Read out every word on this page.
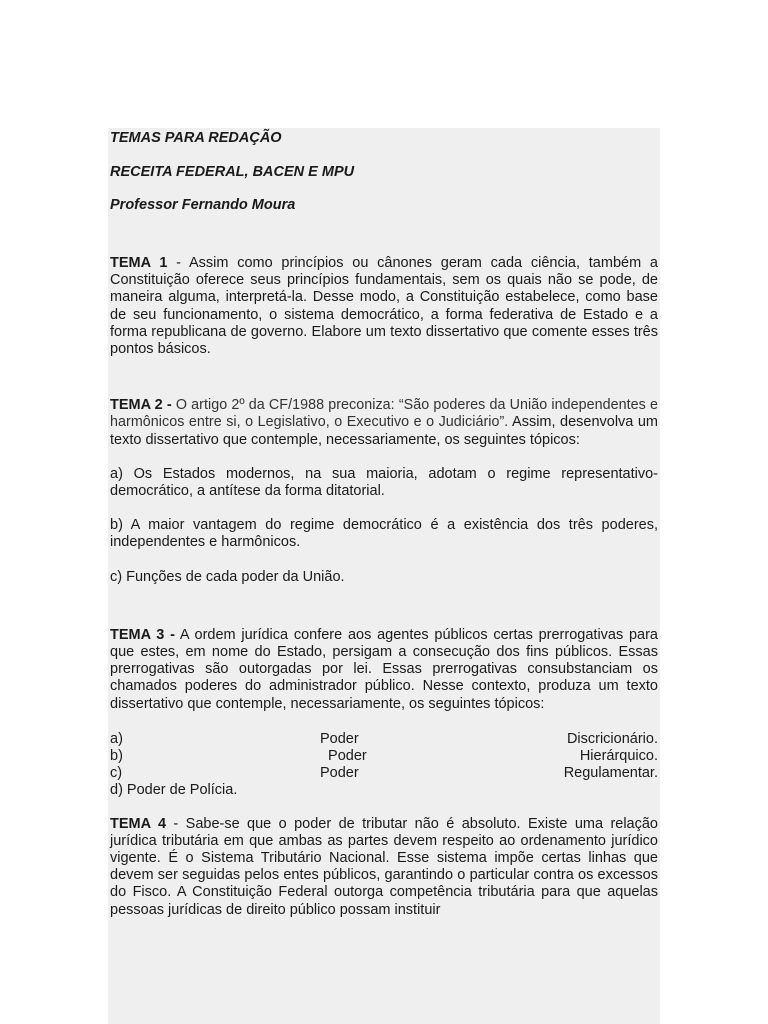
TEMAS PARA REDAÇÃO

RECEITA FEDERAL, BACEN E MPU

Professor Fernando Moura

TEMA 1 - Assim como princípios ou cânones geram cada ciência, também a Constituição oferece seus princípios fundamentais, sem os quais não se pode, de maneira alguma, interpretá-la. Desse modo, a Constituição estabelece, como base de seu funcionamento, o sistema democrático, a forma federativa de Estado e a forma republicana de governo. Elabore um texto dissertativo que comente esses três pontos básicos.

TEMA 2 - O artigo 2º da CF/1988 preconiza: “São poderes da União independentes e harmônicos entre si, o Legislativo, o Executivo e o Judiciário”. Assim, desenvolva um texto dissertativo que contemple, necessariamente, os seguintes tópicos:

a) Os Estados modernos, na sua maioria, adotam o regime representativo-democrático, a antítese da forma ditatorial.

b) A maior vantagem do regime democrático é a existência dos três poderes, independentes e harmônicos.

c) Funções de cada poder da União.

TEMA 3 - A ordem jurídica confere aos agentes públicos certas prerrogativas para que estes, em nome do Estado, persigam a consecução dos fins públicos. Essas prerrogativas são outorgadas por lei. Essas prerrogativas consubstanciam os chamados poderes do administrador público. Nesse contexto, produza um texto dissertativo que contemple, necessariamente, os seguintes tópicos:

a)	Poder	Discricionário.
b)	Poder	Hierárquico.
c)	Poder	Regulamentar.

d) Poder de Polícia.

TEMA 4 - Sabe-se que o poder de tributar não é absoluto. Existe uma relação jurídica tributária em que ambas as partes devem respeito ao ordenamento jurídico vigente. É o Sistema Tributário Nacional. Esse sistema impõe certas linhas que devem ser seguidas pelos entes públicos, garantindo o particular contra os excessos do Fisco. A Constituição Federal outorga competência tributária para que aquelas pessoas jurídicas de direito público possam instituir
